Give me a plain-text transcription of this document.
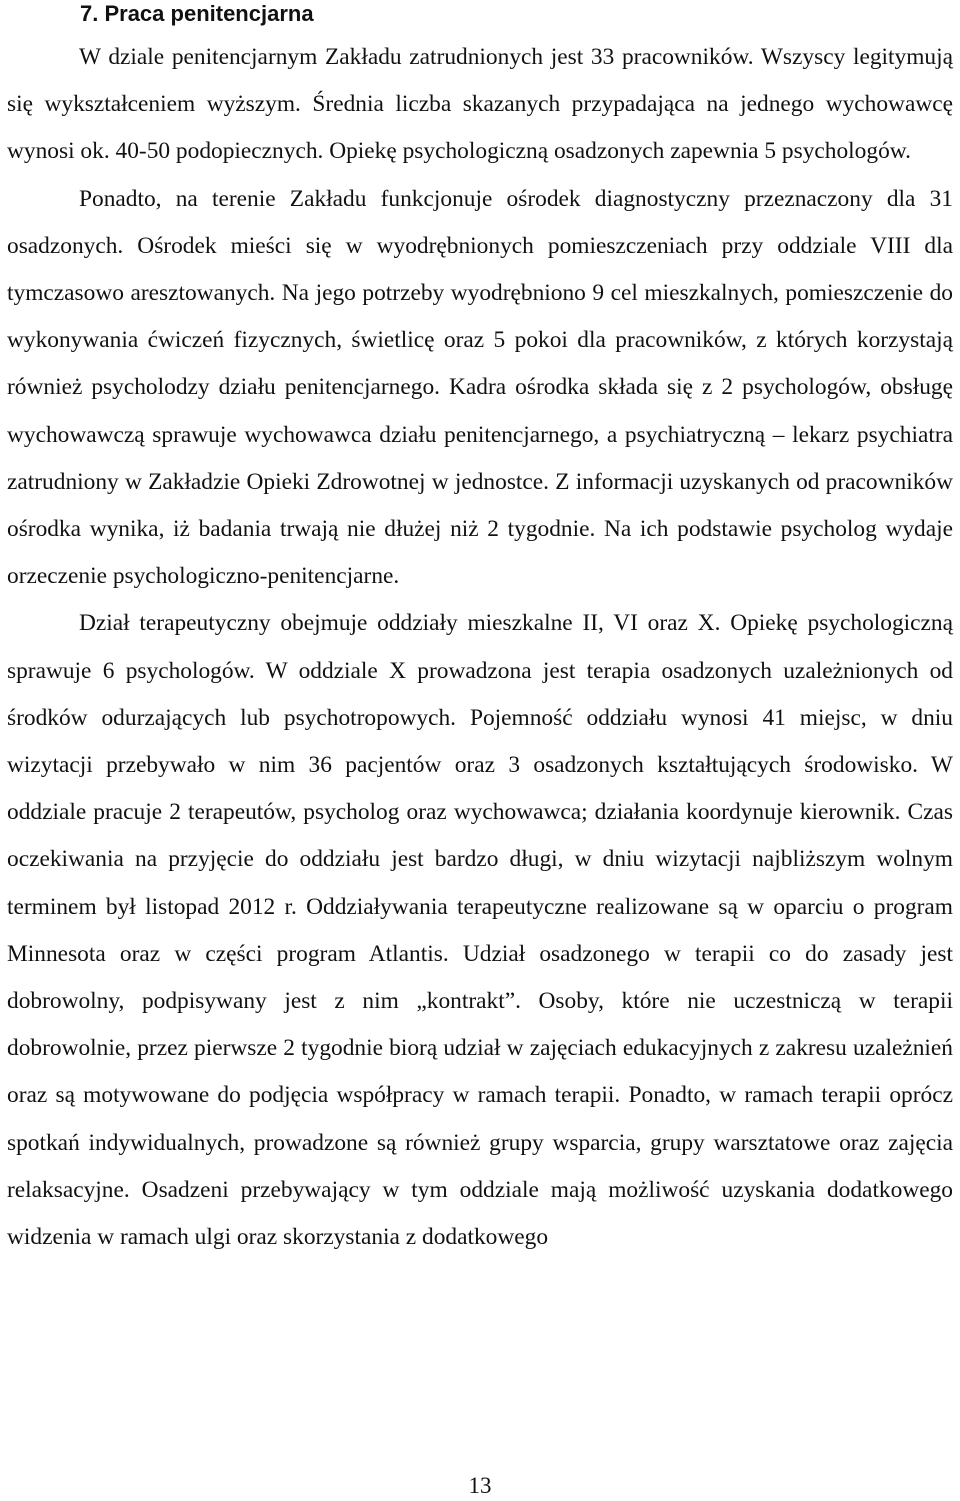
7. Praca penitencjarna

W dziale penitencjarnym Zakładu zatrudnionych jest 33 pracowników. Wszyscy legitymują się wykształceniem wyższym. Średnia liczba skazanych przypadająca na jednego wychowawcę wynosi ok. 40-50 podopiecznych. Opiekę psychologiczną osadzonych zapewnia 5 psychologów.

Ponadto, na terenie Zakładu funkcjonuje ośrodek diagnostyczny przeznaczony dla 31 osadzonych. Ośrodek mieści się w wyodrębnionych pomieszczeniach przy oddziale VIII dla tymczasowo aresztowanych. Na jego potrzeby wyodrębniono 9 cel mieszkalnych, pomieszczenie do wykonywania ćwiczeń fizycznych, świetlicę oraz 5 pokoi dla pracowników, z których korzystają również psycholodzy działu penitencjarnego. Kadra ośrodka składa się z 2 psychologów, obsługę wychowawczą sprawuje wychowawca działu penitencjarnego, a psychiatryczną – lekarz psychiatra zatrudniony w Zakładzie Opieki Zdrowotnej w jednostce. Z informacji uzyskanych od pracowników ośrodka wynika, iż badania trwają nie dłużej niż 2 tygodnie. Na ich podstawie psycholog wydaje orzeczenie psychologiczno-penitencjarne.

Dział terapeutyczny obejmuje oddziały mieszkalne II, VI oraz X. Opiekę psychologiczną sprawuje 6 psychologów. W oddziale X prowadzona jest terapia osadzonych uzależnionych od środków odurzających lub psychotropowych. Pojemność oddziału wynosi 41 miejsc, w dniu wizytacji przebywało w nim 36 pacjentów oraz 3 osadzonych kształtujących środowisko. W oddziale pracuje 2 terapeutów, psycholog oraz wychowawca; działania koordynuje kierownik. Czas oczekiwania na przyjęcie do oddziału jest bardzo długi, w dniu wizytacji najbliższym wolnym terminem był listopad 2012 r. Oddziaływania terapeutyczne realizowane są w oparciu o program Minnesota oraz w części program Atlantis. Udział osadzonego w terapii co do zasady jest dobrowolny, podpisywany jest z nim „kontrakt”. Osoby, które nie uczestniczą w terapii dobrowolnie, przez pierwsze 2 tygodnie biorą udział w zajęciach edukacyjnych z zakresu uzależnień oraz są motywowane do podjęcia współpracy w ramach terapii. Ponadto, w ramach terapii oprócz spotkań indywidualnych, prowadzone są również grupy wsparcia, grupy warsztatowe oraz zajęcia relaksacyjne. Osadzeni przebywający w tym oddziale mają możliwość uzyskania dodatkowego widzenia w ramach ulgi oraz skorzystania z dodatkowego

13
